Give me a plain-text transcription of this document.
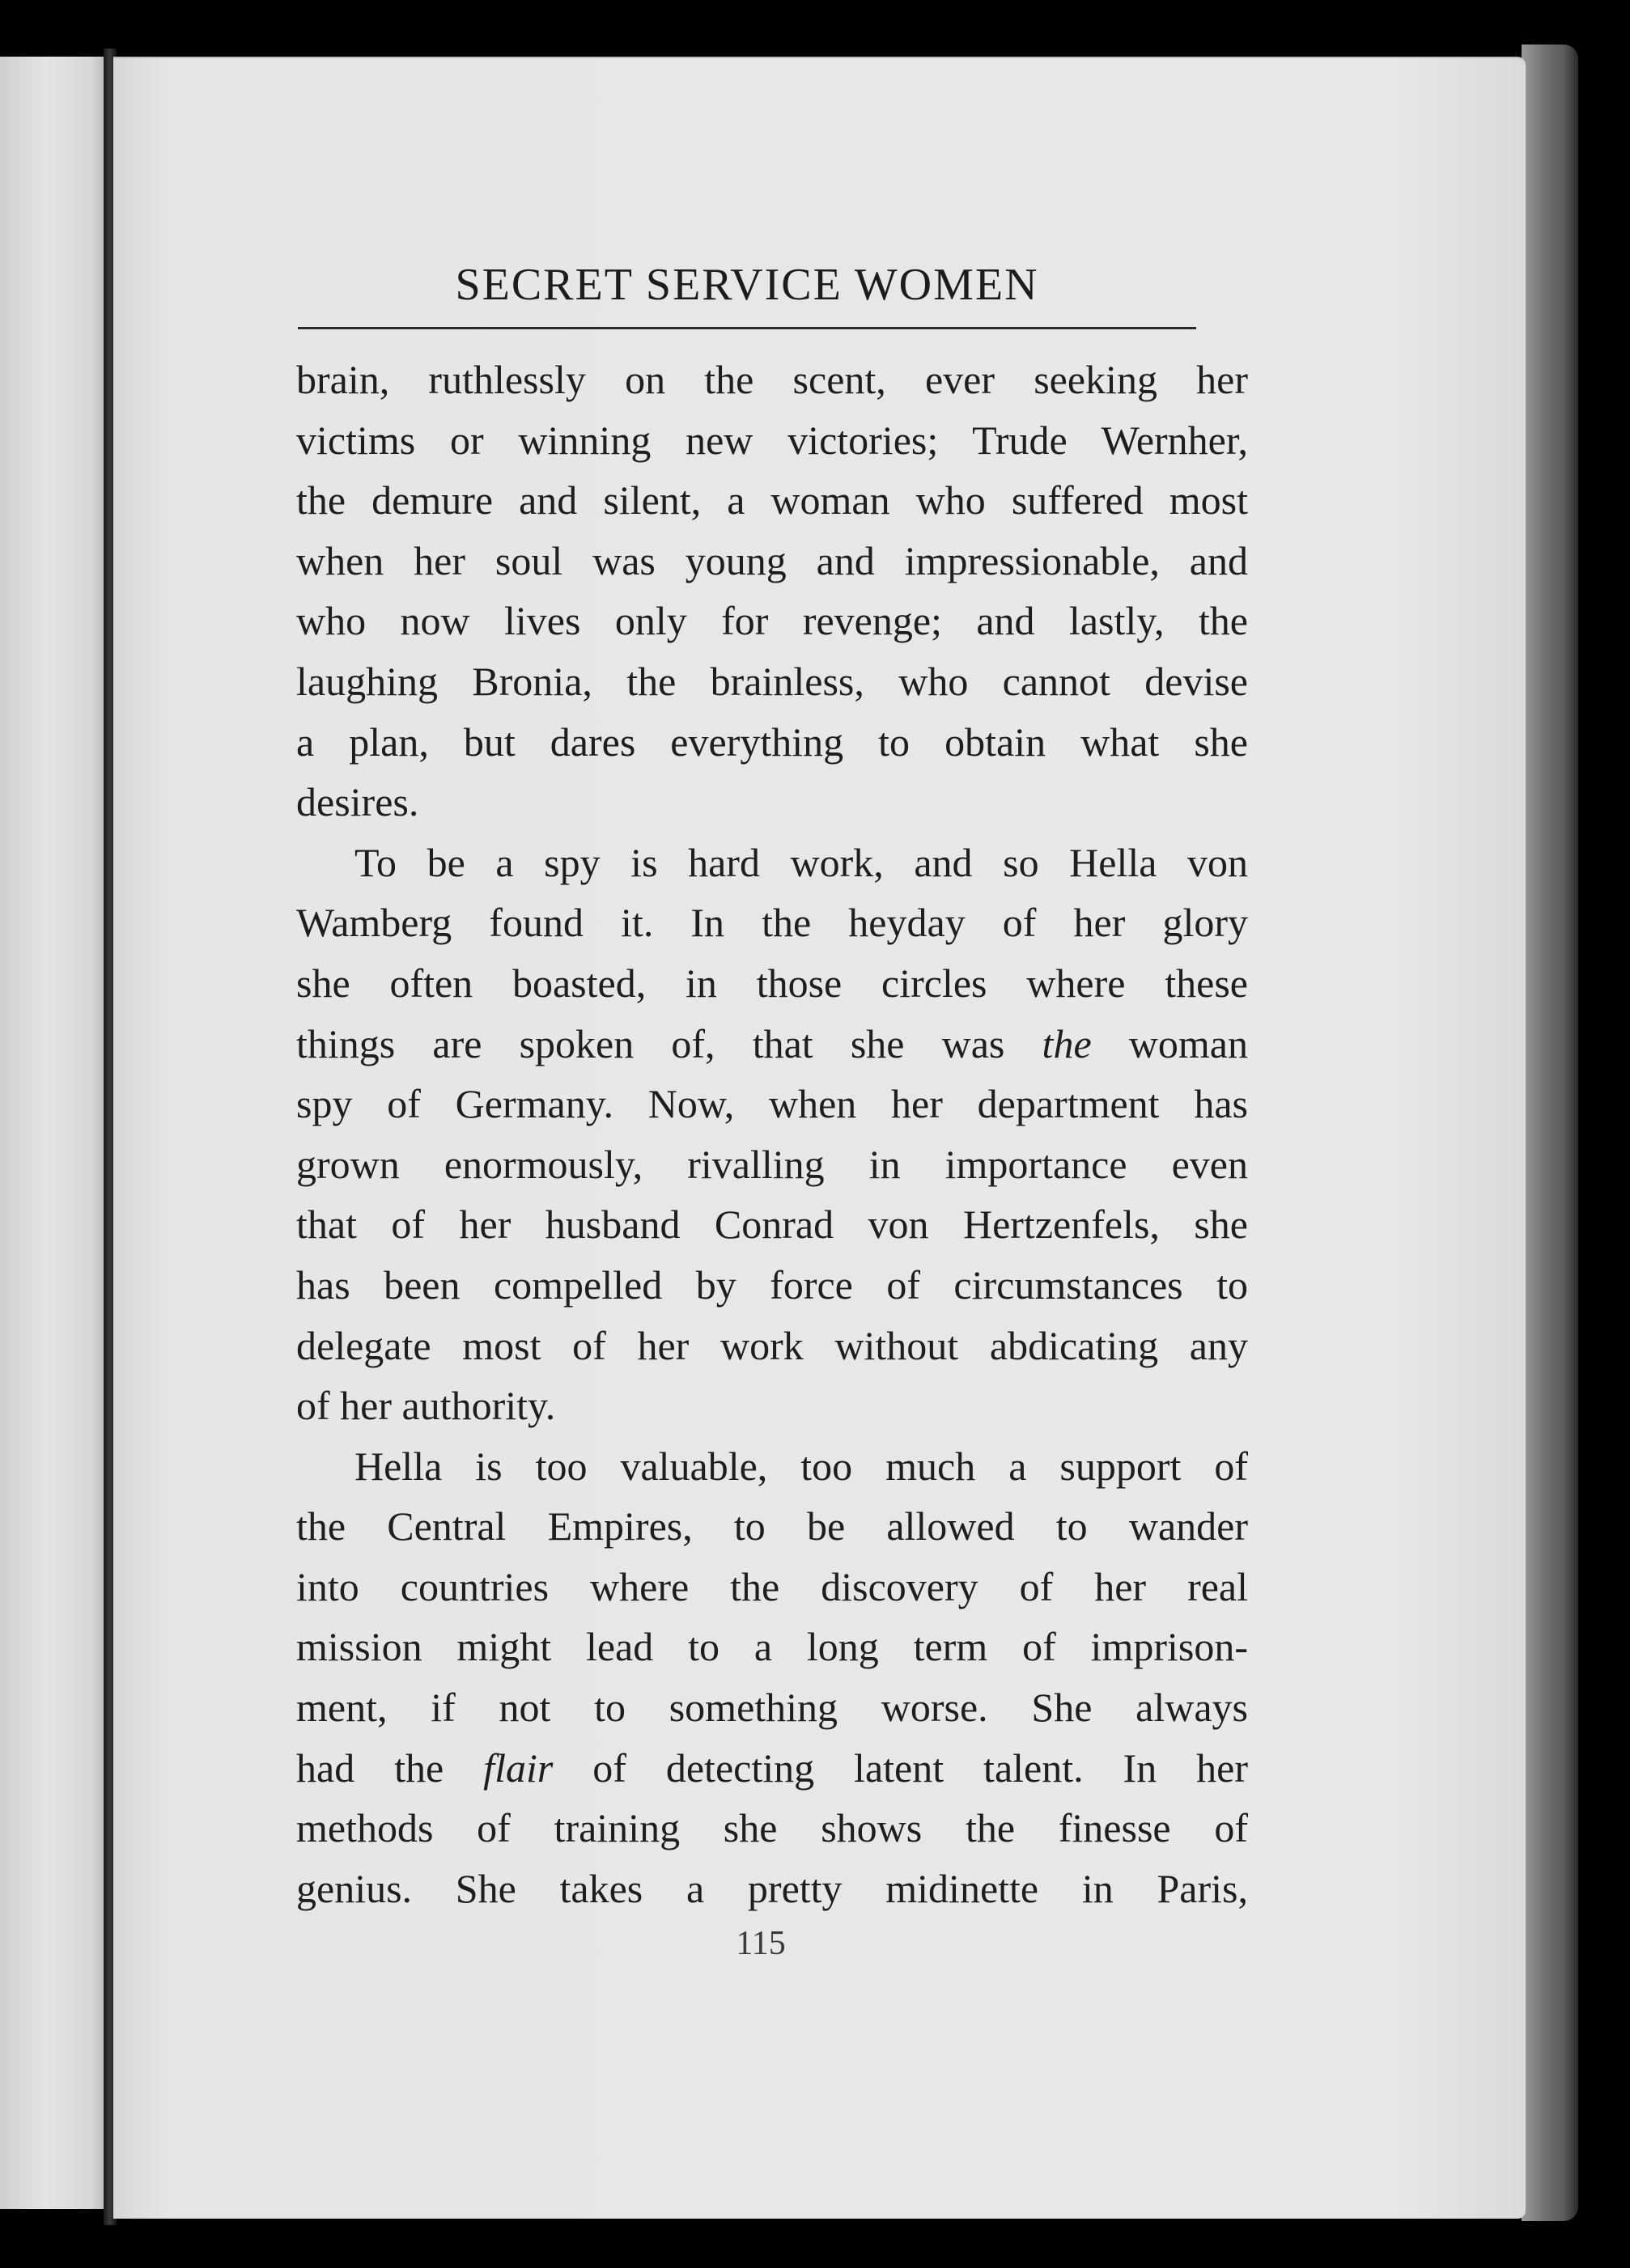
SECRET SERVICE WOMEN

brain, ruthlessly on the scent, ever seeking her

victims or winning new victories; Trude Wernher,

the demure and silent, a woman who suffered most

when her soul was young and impressionable, and

who now lives only for revenge; and lastly, the

laughing Bronia, the brainless, who cannot devise

a plan, but dares everything to obtain what she

desires.

To be a spy is hard work, and so Hella von

Wamberg found it. In the heyday of her glory

she often boasted, in those circles where these

things are spoken of, that she was the woman

spy of Germany. Now, when her department has

grown enormously, rivalling in importance even

that of her husband Conrad von Hertzenfels, she

has been compelled by force of circumstances to

delegate most of her work without abdicating any

of her authority.

Hella is too valuable, too much a support of

the Central Empires, to be allowed to wander

into countries where the discovery of her real

mission might lead to a long term of imprison-

ment, if not to something worse. She always

had the flair of detecting latent talent. In her

methods of training she shows the finesse of

genius. She takes a pretty midinette in Paris,

115
